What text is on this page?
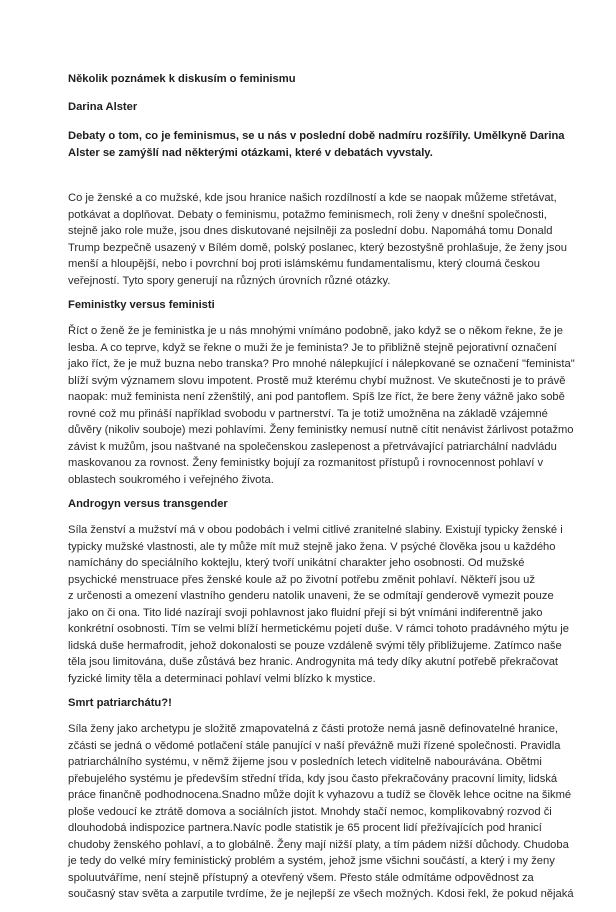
Několik poznámek k diskusím o feminismu
Darina Alster
Debaty o tom, co je feminismus, se u nás v poslední době nadmíru rozšířily. Umělkyně Darina
Alster se zamýšlí nad některými otázkami, které v debatách vyvstaly.
Co je ženské a co mužské, kde jsou hranice našich rozdílností a kde se naopak můžeme střetávat,
potkávat a doplňovat. Debaty o feminismu, potažmo feminismech, roli ženy v dnešní společnosti,
stejně jako role muže, jsou dnes diskutované nejsilněji za poslední dobu. Napomáhá tomu Donald
Trump bezpečně usazený v Bílém domě, polský poslanec, který bezostyšně prohlašuje, že ženy jsou
menší a hloupější, nebo i povrchní boj proti islámskému fundamentalismu, který cloumá českou
veřejností. Tyto spory generují na různých úrovních různé otázky.
Feministky versus feministi
Říct o ženě že je feministka je u nás mnohými vnímáno podobně, jako když se o někom řekne, že je
lesba. A co teprve, když se řekne o muži že je feminista? Je to přibližně stejně pejorativní označení
jako říct, že je muž buzna nebo transka? Pro mnohé nálepkující i nálepkované se označení "feminista"
blíží svým významem slovu impotent. Prostě muž kterému chybí mužnost. Ve skutečnosti je to právě
naopak: muž feminista není zženštilý, ani pod pantoflem. Spíš lze říct, že bere ženy vážně jako sobě
rovné což mu přináší například svobodu v partnerství. Ta je totiž umožněna na základě vzájemné
důvěry (nikoliv souboje) mezi pohlavími. Ženy feministky nemusí nutně cítit nenávist žárlivost potažmo
závist k mužům, jsou naštvané na společenskou zaslepenost a přetrvávající patriarchální nadvládu
maskovanou za rovnost. Ženy feministky bojují za rozmanitost přístupů i rovnocennost pohlaví v
oblastech soukromého i veřejného života.
Androgyn versus transgender
Síla ženství a mužství má v obou podobách i velmi citlivé zranitelné slabiny. Existují typicky ženské i
typicky mužské vlastnosti, ale ty může mít muž stejně jako žena. V psýché člověka jsou u každého
namíchány do speciálního koktejlu, který tvoří unikátní charakter jeho osobnosti. Od mužské
psychické menstruace přes ženské koule až po životní potřebu změnit pohlaví. Někteří jsou už
z určenosti a omezení vlastního genderu natolik unaveni, že se odmítají genderově vymezit pouze
jako on či ona. Tito lidé nazírají svoji pohlavnost jako fluidní přejí si být vnímáni indiferentně jako
konkrétní osobnosti. Tím se velmi blíží hermetickému pojetí duše. V rámci tohoto pradávného mýtu je
lidská duše hermafrodit, jehož dokonalosti se pouze vzdáleně svými těly přibližujeme. Zatímco naše
těla jsou limitována, duše zůstává bez hranic. Androgynita má tedy díky akutní potřebě překračovat
fyzické limity těla a determinaci pohlaví velmi blízko k mystice.
Smrt patriarchátu?!
Síla ženy jako archetypu je složitě zmapovatelná z části protože nemá jasně definovatelné hranice,
zčásti se jedná o vědomé potlačení stále panující v naší převážně muži řízené společnosti. Pravidla
patriarchálního systému, v němž žijeme jsou v posledních letech viditelně nabourávána. Obětmi
přebujelého systému je především střední třída, kdy jsou často překračovány pracovní limity, lidská
práce finančně podhodnocena.Snadno může dojít k vyhazovu a tudíž se člověk lehce ocitne na šikmé
ploše vedoucí ke ztrátě domova a sociálních jistot. Mnohdy stačí nemoc, komplikovabný rozvod či
dlouhodobá indispozice partnera.Navíc podle statistik je 65 procent lidí přežívajících pod hranicí
chudoby ženského pohlaví, a to globálně. Ženy mají nižší platy, a tím pádem nižší důchody. Chudoba
je tedy do velké míry feministický problém a systém, jehož jsme všichni součástí, a který i my ženy
spoluutváříme, není stejně přístupný a otevřený všem. Přesto stále odmítáme odpovědnost za
současný stav světa a zarputile tvrdíme, že je nejlepší ze všech možných. Kdosi řekl, že pokud nějaká
